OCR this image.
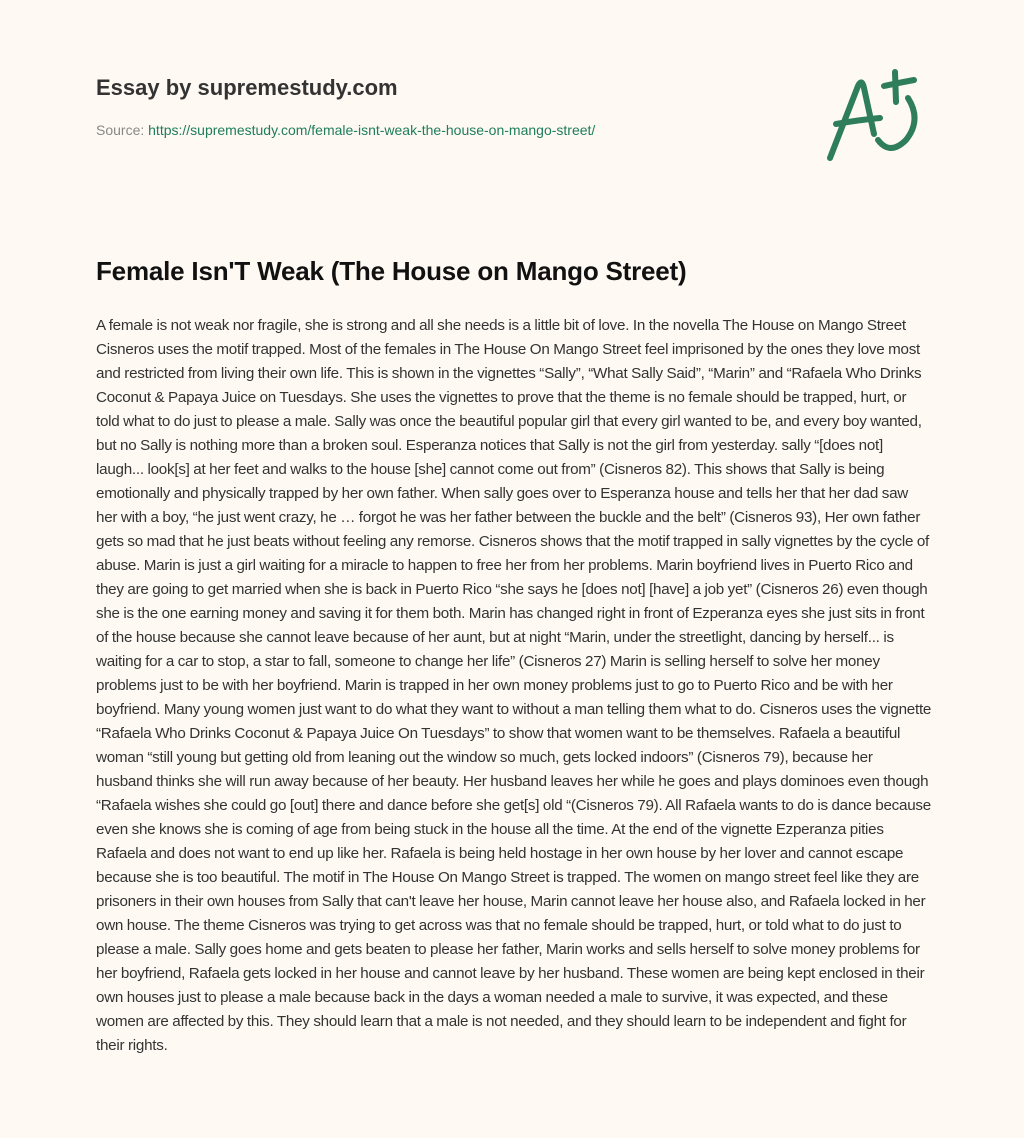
Essay by supremestudy.com
Source: https://supremestudy.com/female-isnt-weak-the-house-on-mango-street/
Female Isn'T Weak (The House on Mango Street)

A female is not weak nor fragile, she is strong and all she needs is a little bit of love. In the novella The House on Mango Street Cisneros uses the motif trapped. Most of the females in The House On Mango Street feel imprisoned by the ones they love most and restricted from living their own life. This is shown in the vignettes “Sally”, “What Sally Said”, “Marin” and “Rafaela Who Drinks Coconut & Papaya Juice on Tuesdays. She uses the vignettes to prove that the theme is no female should be trapped, hurt, or told what to do just to please a male. Sally was once the beautiful popular girl that every girl wanted to be, and every boy wanted, but no Sally is nothing more than a broken soul. Esperanza notices that Sally is not the girl from yesterday. sally “[does not] laugh... look[s] at her feet and walks to the house [she] cannot come out from” (Cisneros 82). This shows that Sally is being emotionally and physically trapped by her own father. When sally goes over to Esperanza house and tells her that her dad saw her with a boy, “he just went crazy, he … forgot he was her father between the buckle and the belt” (Cisneros 93), Her own father gets so mad that he just beats without feeling any remorse. Cisneros shows that the motif trapped in sally vignettes by the cycle of abuse. Marin is just a girl waiting for a miracle to happen to free her from her problems. Marin boyfriend lives in Puerto Rico and they are going to get married when she is back in Puerto Rico “she says he [does not] [have] a job yet” (Cisneros 26) even though she is the one earning money and saving it for them both. Marin has changed right in front of Ezperanza eyes she just sits in front of the house because she cannot leave because of her aunt, but at night “Marin, under the streetlight, dancing by herself... is waiting for a car to stop, a star to fall, someone to change her life” (Cisneros 27) Marin is selling herself to solve her money problems just to be with her boyfriend. Marin is trapped in her own money problems just to go to Puerto Rico and be with her boyfriend. Many young women just want to do what they want to without a man telling them what to do. Cisneros uses the vignette “Rafaela Who Drinks Coconut & Papaya Juice On Tuesdays” to show that women want to be themselves. Rafaela a beautiful woman “still young but getting old from leaning out the window so much, gets locked indoors” (Cisneros 79), because her husband thinks she will run away because of her beauty. Her husband leaves her while he goes and plays dominoes even though “Rafaela wishes she could go [out] there and dance before she get[s] old “(Cisneros 79). All Rafaela wants to do is dance because even she knows she is coming of age from being stuck in the house all the time. At the end of the vignette Ezperanza pities Rafaela and does not want to end up like her. Rafaela is being held hostage in her own house by her lover and cannot escape because she is too beautiful. The motif in The House On Mango Street is trapped. The women on mango street feel like they are prisoners in their own houses from Sally that can't leave her house, Marin cannot leave her house also, and Rafaela locked in her own house. The theme Cisneros was trying to get across was that no female should be trapped, hurt, or told what to do just to please a male. Sally goes home and gets beaten to please her father, Marin works and sells herself to solve money problems for her boyfriend, Rafaela gets locked in her house and cannot leave by her husband. These women are being kept enclosed in their own houses just to please a male because back in the days a woman needed a male to survive, it was expected, and these women are affected by this. They should learn that a male is not needed, and they should learn to be independent and fight for their rights.
